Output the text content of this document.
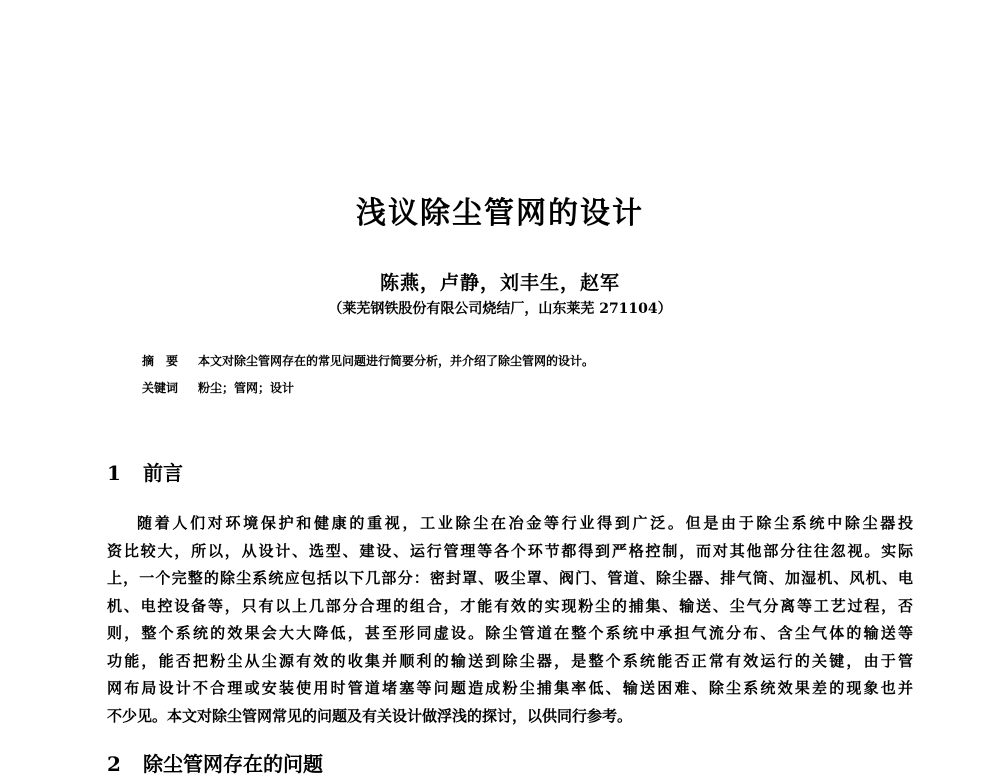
浅议除尘管网的设计
陈燕，卢静，刘丰生，赵军
（莱芜钢铁股份有限公司烧结厂，山东莱芜 271104）
摘　要 本文对除尘管网存在的常见问题进行简要分析，并介绍了除尘管网的设计。
关键词 粉尘；管网；设计
1 前言
随着人们对环境保护和健康的重视，工业除尘在冶金等行业得到广泛。但是由于除尘系统中除尘器投
资比较大，所以，从设计、选型、建设、运行管理等各个环节都得到严格控制，而对其他部分往往忽视。实际
上，一个完整的除尘系统应包括以下几部分：密封罩、吸尘罩、阀门、管道、除尘器、排气筒、加湿机、风机、电
机、电控设备等，只有以上几部分合理的组合，才能有效的实现粉尘的捕集、输送、尘气分离等工艺过程，否
则，整个系统的效果会大大降低，甚至形同虚设。除尘管道在整个系统中承担气流分布、含尘气体的输送等
功能，能否把粉尘从尘源有效的收集并顺利的输送到除尘器，是整个系统能否正常有效运行的关键，由于管
网布局设计不合理或安装使用时管道堵塞等问题造成粉尘捕集率低、输送困难、除尘系统效果差的现象也并
不少见。本文对除尘管网常见的问题及有关设计做浮浅的探讨，以供同行参考。
2 除尘管网存在的问题
